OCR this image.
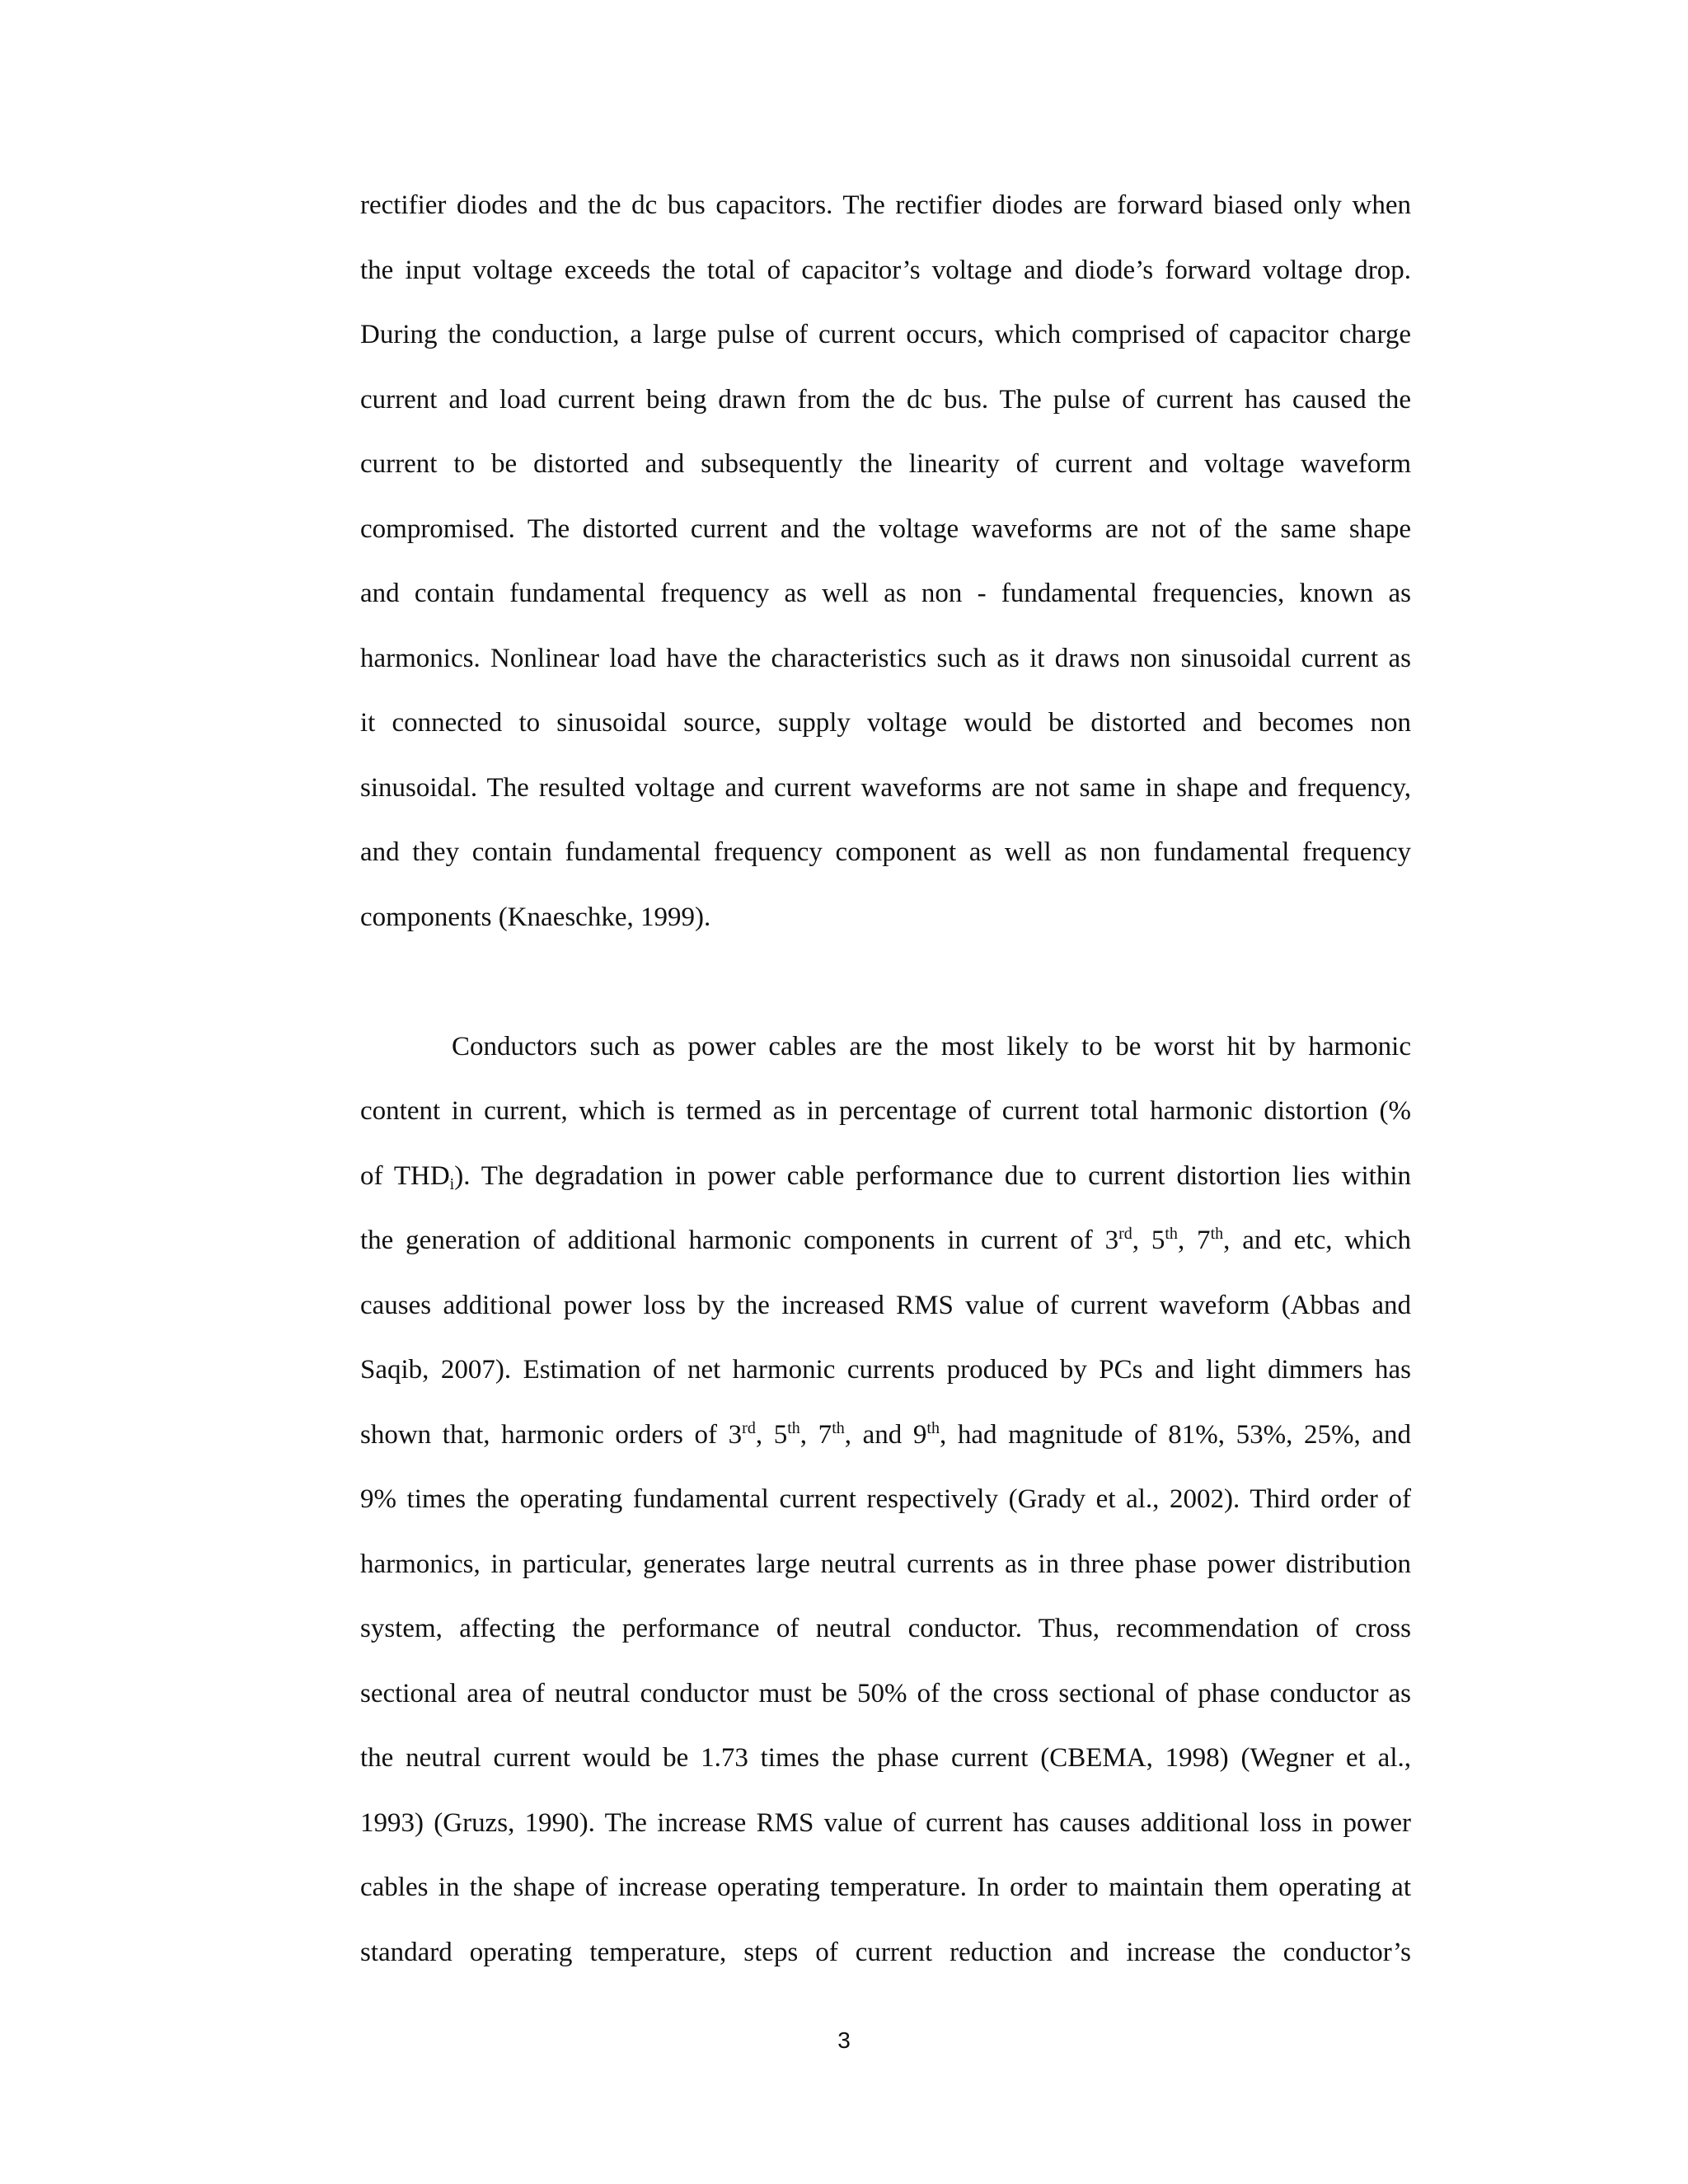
rectifier diodes and the dc bus capacitors. The rectifier diodes are forward biased only when
the input voltage exceeds the total of capacitor’s voltage and diode’s forward voltage drop.
During the conduction, a large pulse of current occurs, which comprised of capacitor charge
current and load current being drawn from the dc bus. The pulse of current has caused the
current to be distorted and subsequently the linearity of current and voltage waveform
compromised. The distorted current and the voltage waveforms are not of the same shape
and contain fundamental frequency as well as non - fundamental frequencies, known as
harmonics. Nonlinear load have the characteristics such as it draws non sinusoidal current as
it connected to sinusoidal source, supply voltage would be distorted and becomes non
sinusoidal. The resulted voltage and current waveforms are not same in shape and frequency,
and they contain fundamental frequency component as well as non fundamental frequency
components (Knaeschke, 1999).
Conductors such as power cables are the most likely to be worst hit by harmonic
content in current, which is termed as in percentage of current total harmonic distortion (%
of $THD_i$). The degradation in power cable performance due to current distortion lies within
the generation of additional harmonic components in current of 3rd, 5th, 7th, and etc, which
causes additional power loss by the increased RMS value of current waveform (Abbas and
Saqib, 2007). Estimation of net harmonic currents produced by PCs and light dimmers has
shown that, harmonic orders of 3rd, 5th, 7th, and 9th, had magnitude of 81%, 53%, 25%, and
9% times the operating fundamental current respectively (Grady et al., 2002). Third order of
harmonics, in particular, generates large neutral currents as in three phase power distribution
system, affecting the performance of neutral conductor. Thus, recommendation of cross
sectional area of neutral conductor must be 50% of the cross sectional of phase conductor as
the neutral current would be 1.73 times the phase current (CBEMA, 1998) (Wegner et al.,
1993) (Gruzs, 1990). The increase RMS value of current has causes additional loss in power
cables in the shape of increase operating temperature. In order to maintain them operating at
standard operating temperature, steps of current reduction and increase the conductor’s
3
